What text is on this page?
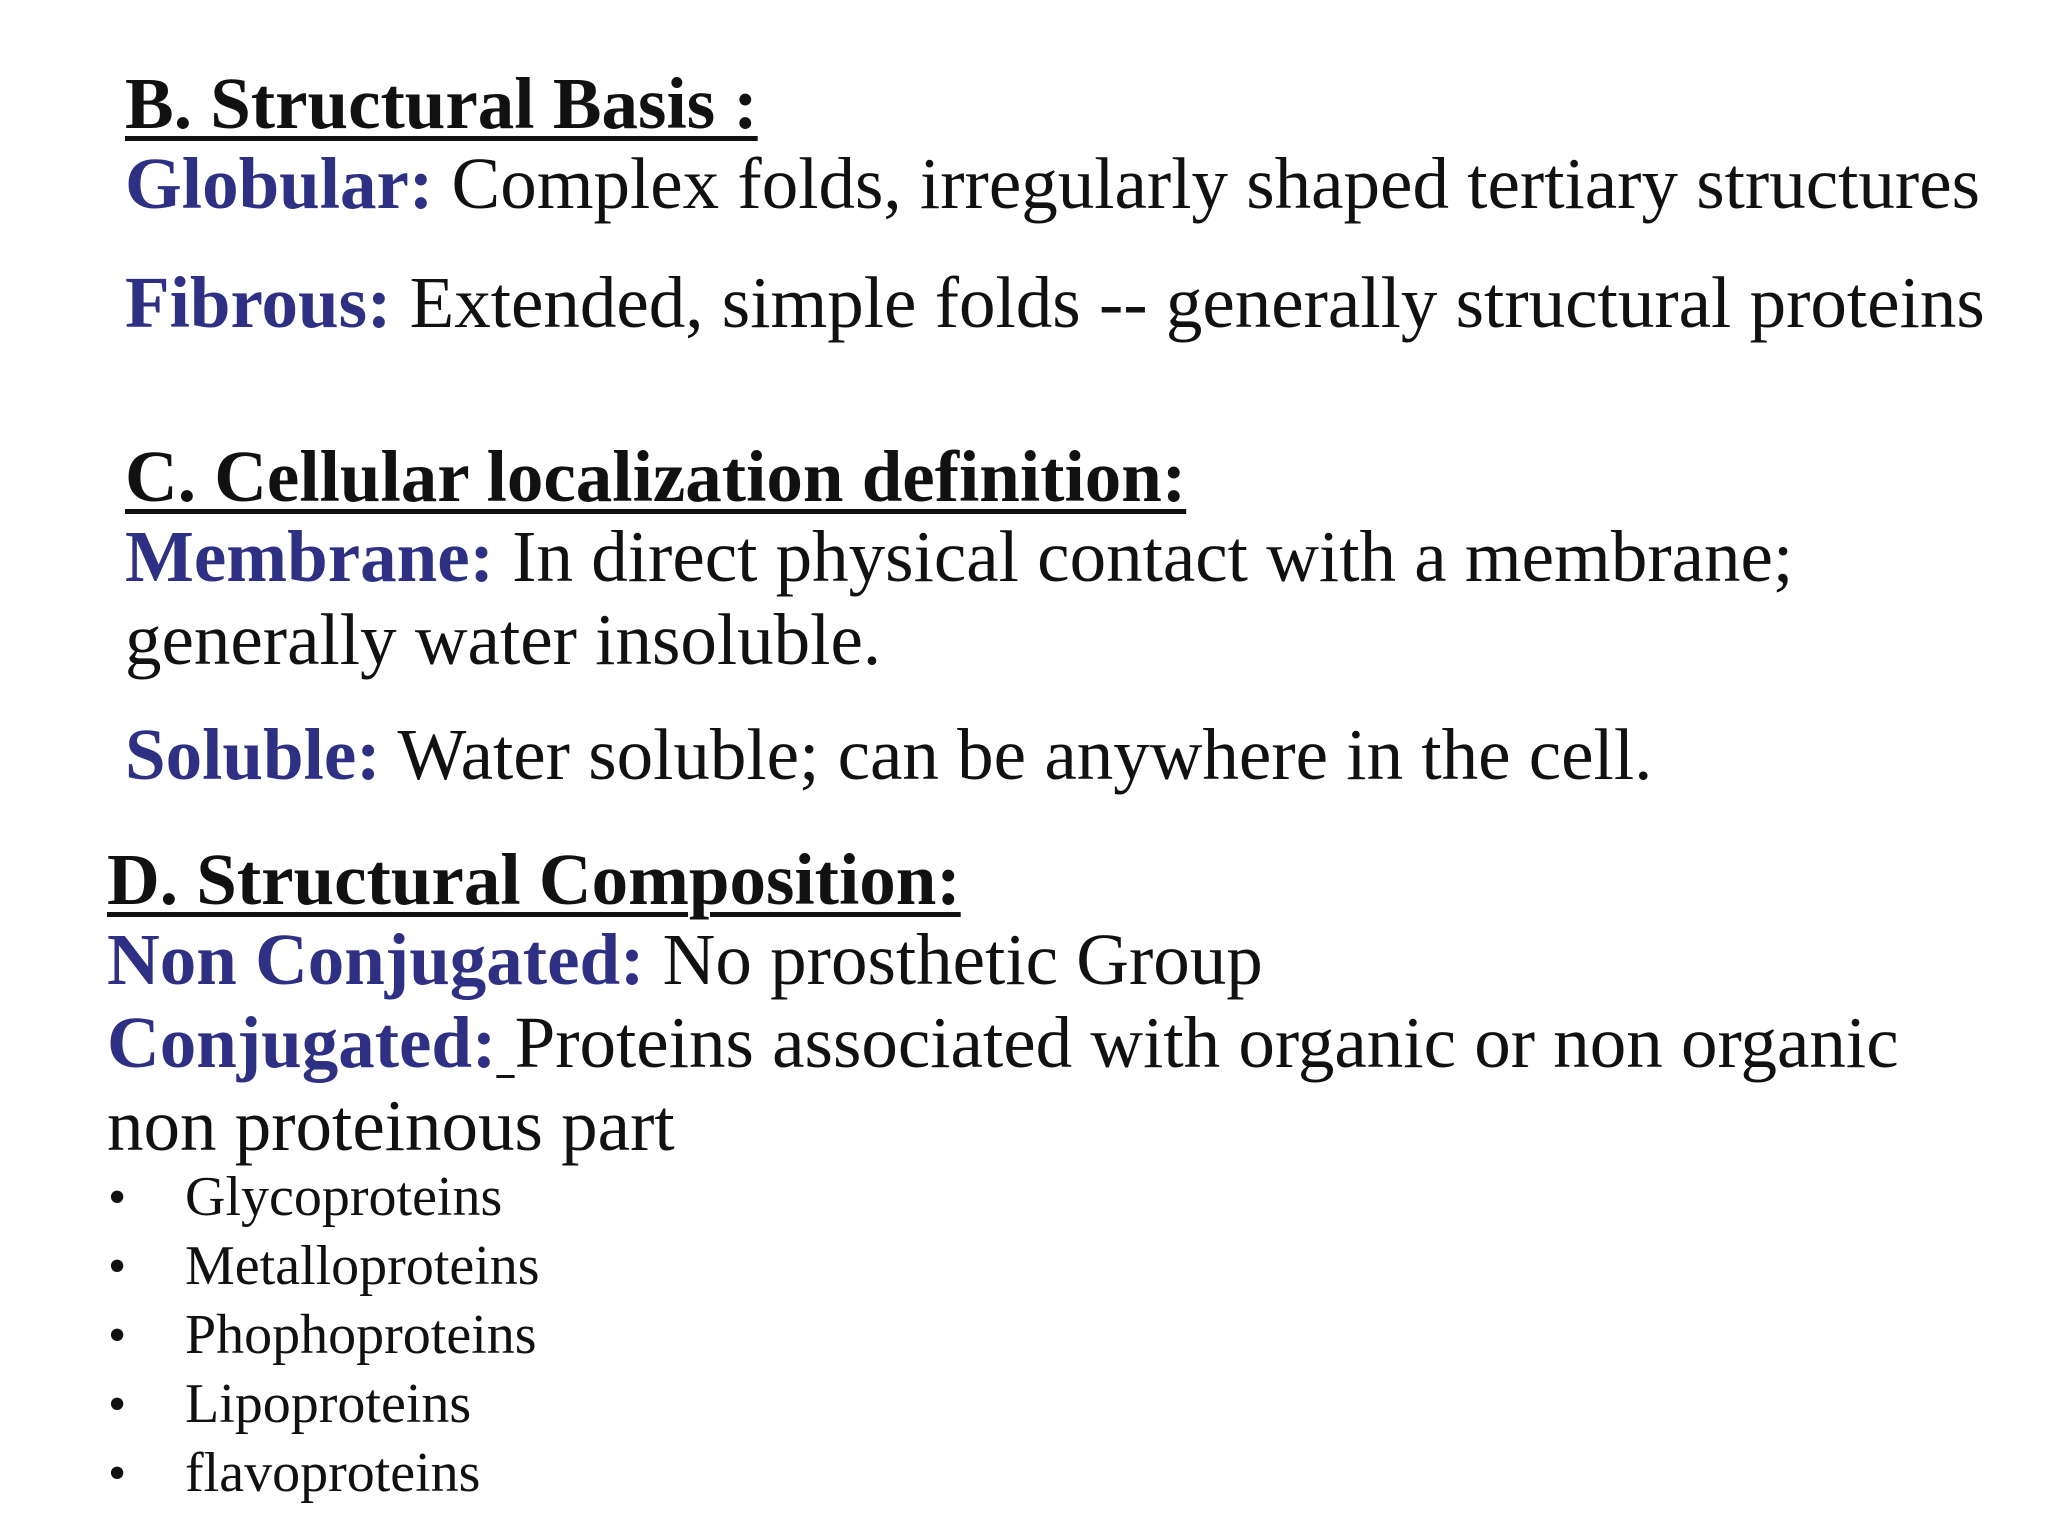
B. Structural Basis :
Globular: Complex folds, irregularly shaped tertiary structures
Fibrous: Extended, simple folds -- generally structural proteins
C. Cellular localization definition:
Membrane: In direct physical contact with a membrane;
generally water insoluble.
Soluble: Water soluble; can be anywhere in the cell.
D. Structural Composition:
Non Conjugated: No prosthetic Group
Conjugated: Proteins associated with organic or non organic
non proteinous part
• Glycoproteins
• Metalloproteins
• Phophoproteins
• Lipoproteins
• flavoproteins
